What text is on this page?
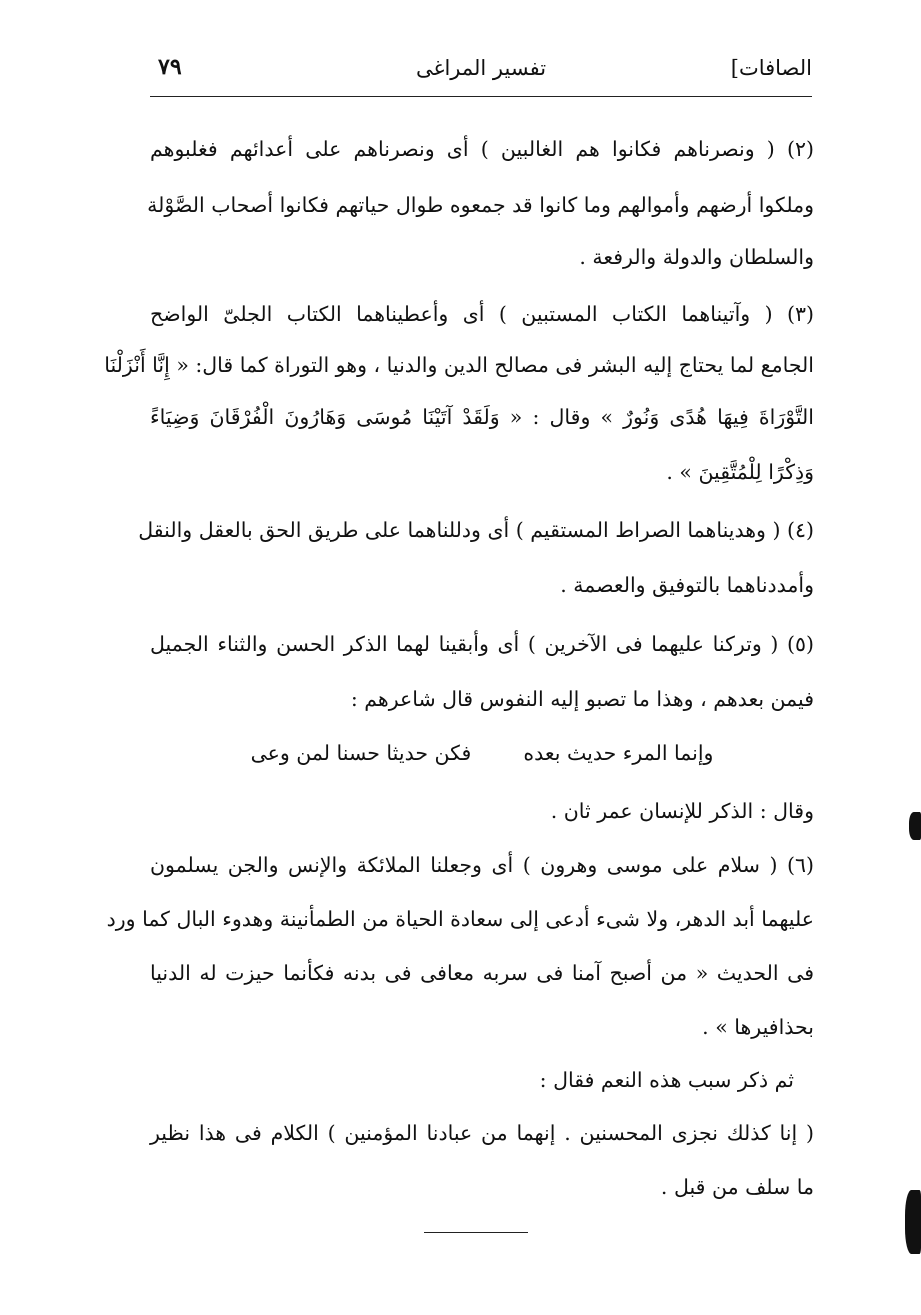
الصافات]
تفسير المراغى
٧٩
(٢) ( ونصرناهم فكانوا هم الغالبين ) أى ونصرناهم على أعدائهم فغلبوهم
وملكوا أرضهم وأموالهم وما كانوا قد جمعوه طوال حياتهم فكانوا أصحاب الصَّوْلة
والسلطان والدولة والرفعة .
(٣) ( وآتيناهما الكتاب المستبين ) أى وأعطيناهما الكتاب الجلىّ الواضح
الجامع لما يحتاج إليه البشر فى مصالح الدين والدنيا ، وهو التوراة كما قال: « إِنَّا أَنْزَلْنَا
التَّوْرَاةَ فِيهَا هُدًى وَنُورٌ » وقال : « وَلَقَدْ آتَيْنَا مُوسَى وَهَارُونَ الْفُرْقَانَ وَضِيَاءً
وَذِكْرًا لِلْمُتَّقِينَ » .
(٤) ( وهديناهما الصراط المستقيم ) أى ودللناهما على طريق الحق بالعقل والنقل
وأمددناهما بالتوفيق والعصمة .
(٥) ( وتركنا عليهما فى الآخرين ) أى وأبقينا لهما الذكر الحسن والثناء الجميل
فيمن بعدهم ، وهذا ما تصبو إليه النفوس قال شاعرهم :
وإنما المرء حديث بعده        فكن حديثا حسنا لمن وعى
وقال : الذكر للإنسان عمر ثان .
(٦) ( سلام على موسى وهرون ) أى وجعلنا الملائكة والإنس والجن يسلمون
عليهما أبد الدهر، ولا شىء أدعى إلى سعادة الحياة من الطمأنينة وهدوء البال كما ورد
فى الحديث « من أصبح آمنا فى سربه معافى فى بدنه فكأنما حيزت له الدنيا
بحذافيرها » .
ثم ذكر سبب هذه النعم فقال :
( إنا كذلك نجزى المحسنين . إنهما من عبادنا المؤمنين ) الكلام فى هذا نظير
ما سلف من قبل .
